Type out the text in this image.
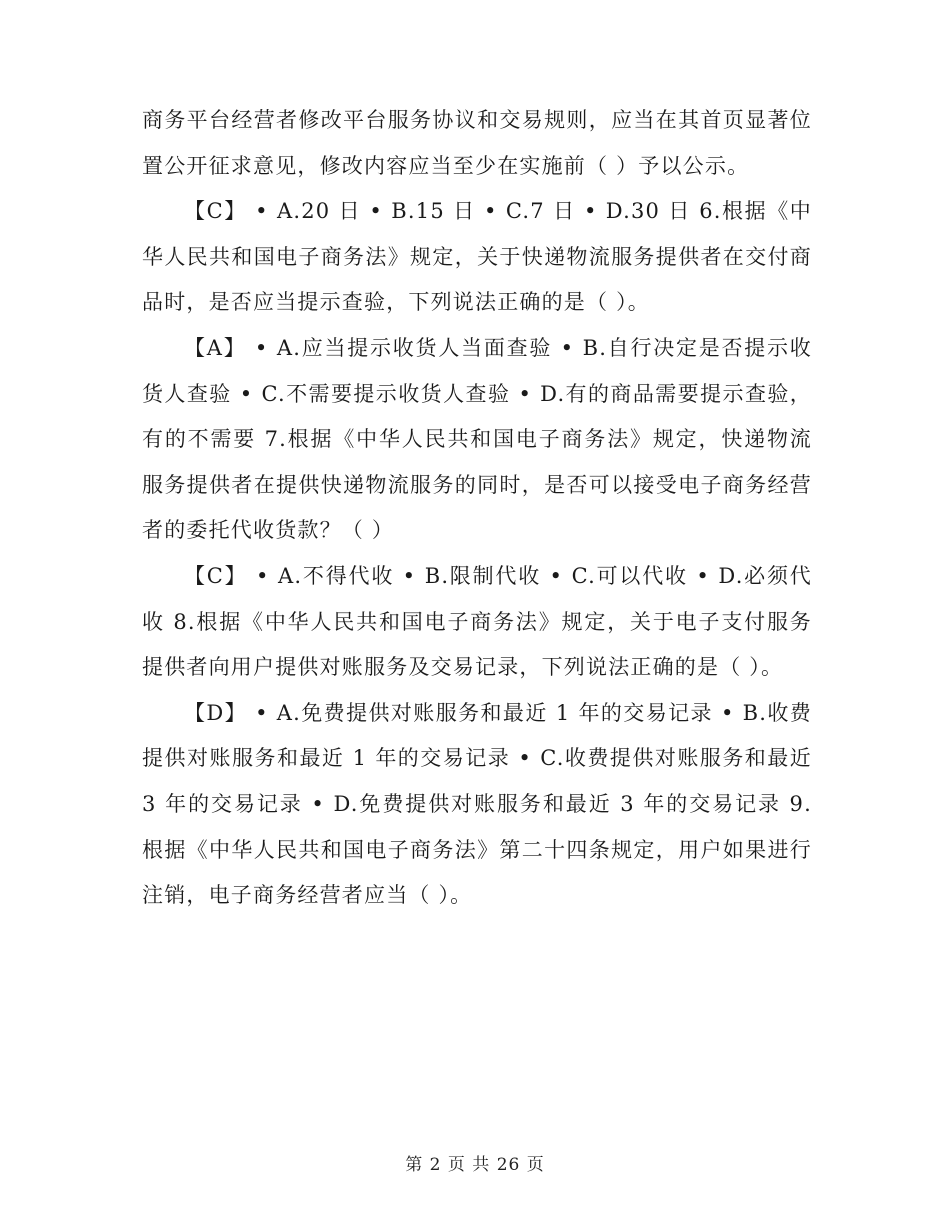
商务平台经营者修改平台服务协议和交易规则，应当在其首页显著位置公开征求意见，修改内容应当至少在实施前（ ）予以公示。

【C】 • A.20 日 • B.15 日 • C.7 日 • D.30 日 6.根据《中华人民共和国电子商务法》规定，关于快递物流服务提供者在交付商品时，是否应当提示查验，下列说法正确的是（ ）。

【A】 • A.应当提示收货人当面查验 • B.自行决定是否提示收货人查验 • C.不需要提示收货人查验 • D.有的商品需要提示查验，有的不需要 7.根据《中华人民共和国电子商务法》规定，快递物流服务提供者在提供快递物流服务的同时，是否可以接受电子商务经营者的委托代收货款？（ ）

【C】 • A.不得代收 • B.限制代收 • C.可以代收 • D.必须代收 8.根据《中华人民共和国电子商务法》规定，关于电子支付服务提供者向用户提供对账服务及交易记录，下列说法正确的是（ ）。

【D】 • A.免费提供对账服务和最近 1 年的交易记录 • B.收费提供对账服务和最近 1 年的交易记录 • C.收费提供对账服务和最近 3 年的交易记录 • D.免费提供对账服务和最近 3 年的交易记录 9.根据《中华人民共和国电子商务法》第二十四条规定，用户如果进行注销，电子商务经营者应当（ ）。

第 2 页 共 26 页
